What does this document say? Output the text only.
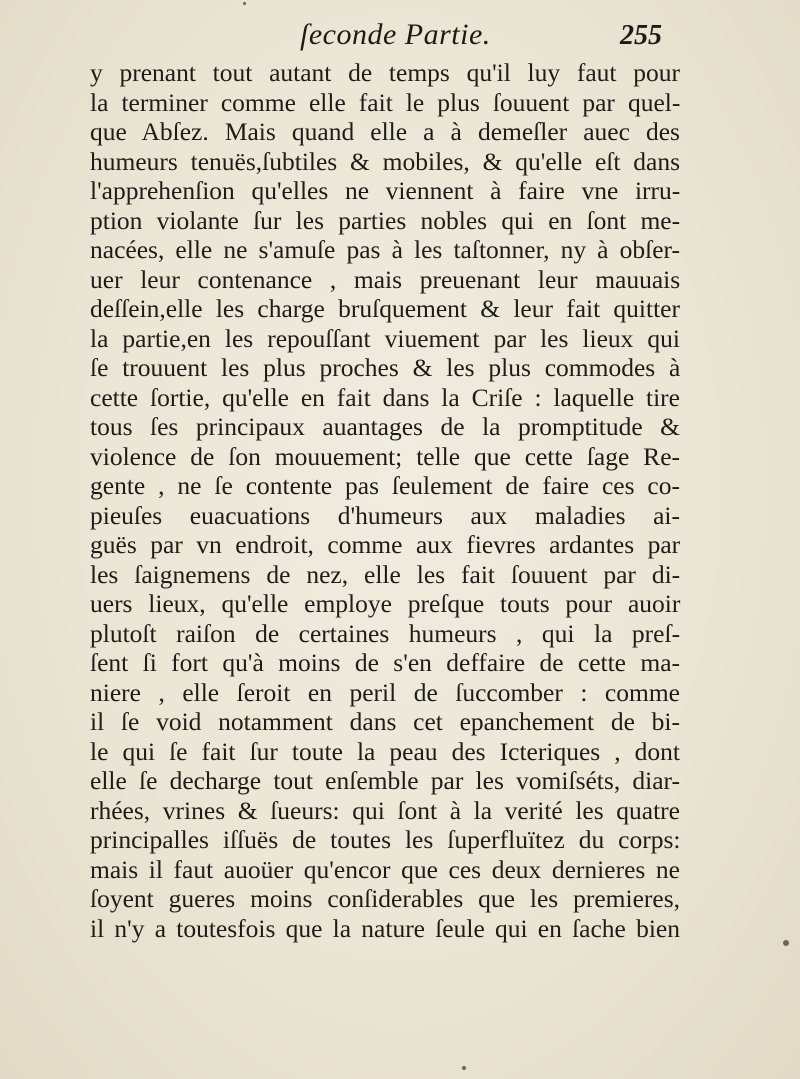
ſeconde Partie.	255
y prenant tout autant de temps qu'il luy faut pour
la terminer comme elle fait le plus ſouuent par quel-
que Abſez. Mais quand elle a à demeſler auec des
humeurs tenuës,ſubtiles & mobiles, & qu'elle eſt dans
l'apprehenſion qu'elles ne viennent à faire vne irru-
ption violante ſur les parties nobles qui en ſont me-
nacées, elle ne s'amuſe pas à les taſtonner, ny à obſer-
uer leur contenance , mais preuenant leur mauuais
deſſein,elle les charge bruſquement & leur fait quitter
la partie,en les repouſſant viuement par les lieux qui
ſe trouuent les plus proches & les plus commodes à
cette ſortie, qu'elle en fait dans la Criſe : laquelle tire
tous ſes principaux auantages de la promptitude &
violence de ſon mouuement; telle que cette ſage Re-
gente , ne ſe contente pas ſeulement de faire ces co-
pieuſes euacuations d'humeurs aux maladies ai-
guës par vn endroit, comme aux fievres ardantes par
les ſaignemens de nez, elle les fait ſouuent par di-
uers lieux, qu'elle employe preſque touts pour auoir
plutoſt raiſon de certaines humeurs , qui la preſ-
ſent ſi fort qu'à moins de s'en deffaire de cette ma-
niere , elle ſeroit en peril de ſuccomber : comme
il ſe void notamment dans cet epanchement de bi-
le qui ſe fait ſur toute la peau des Icteriques , dont
elle ſe decharge tout enſemble par les vomiſséts, diar-
rhées, vrines & ſueurs: qui ſont à la verité les quatre
principalles iſſuës de toutes les ſuperfluïtez du corps:
mais il faut auoüer qu'encor que ces deux dernieres ne
ſoyent gueres moins conſiderables que les premieres,
il n'y a toutesfois que la nature ſeule qui en ſache bien
